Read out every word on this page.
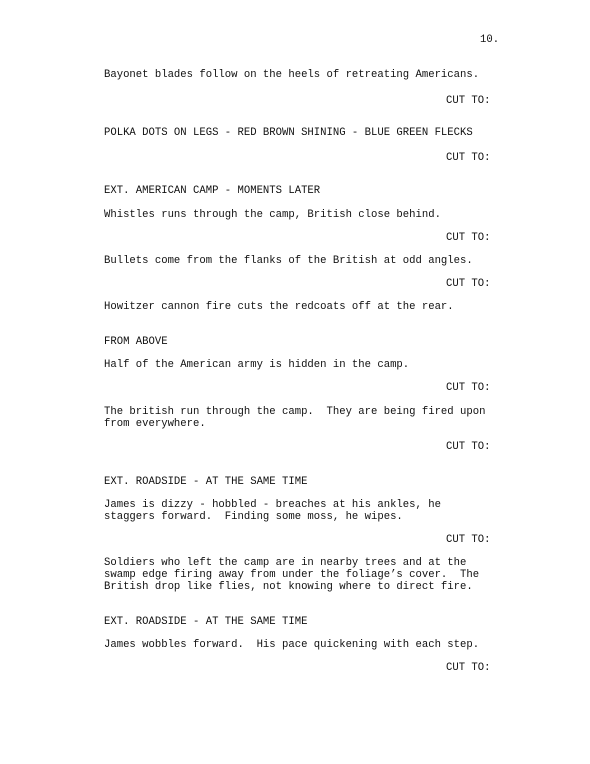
10.
Bayonet blades follow on the heels of retreating Americans.
CUT TO:
POLKA DOTS ON LEGS - RED BROWN SHINING - BLUE GREEN FLECKS
CUT TO:
EXT. AMERICAN CAMP - MOMENTS LATER
Whistles runs through the camp, British close behind.
CUT TO:
Bullets come from the flanks of the British at odd angles.
CUT TO:
Howitzer cannon fire cuts the redcoats off at the rear.
FROM ABOVE
Half of the American army is hidden in the camp.
CUT TO:
The british run through the camp.  They are being fired upon
from everywhere.
CUT TO:
EXT. ROADSIDE - AT THE SAME TIME
James is dizzy - hobbled - breaches at his ankles, he
staggers forward.  Finding some moss, he wipes.
CUT TO:
Soldiers who left the camp are in nearby trees and at the
swamp edge firing away from under the foliage’s cover.  The
British drop like flies, not knowing where to direct fire.
EXT. ROADSIDE - AT THE SAME TIME
James wobbles forward.  His pace quickening with each step.
CUT TO:
